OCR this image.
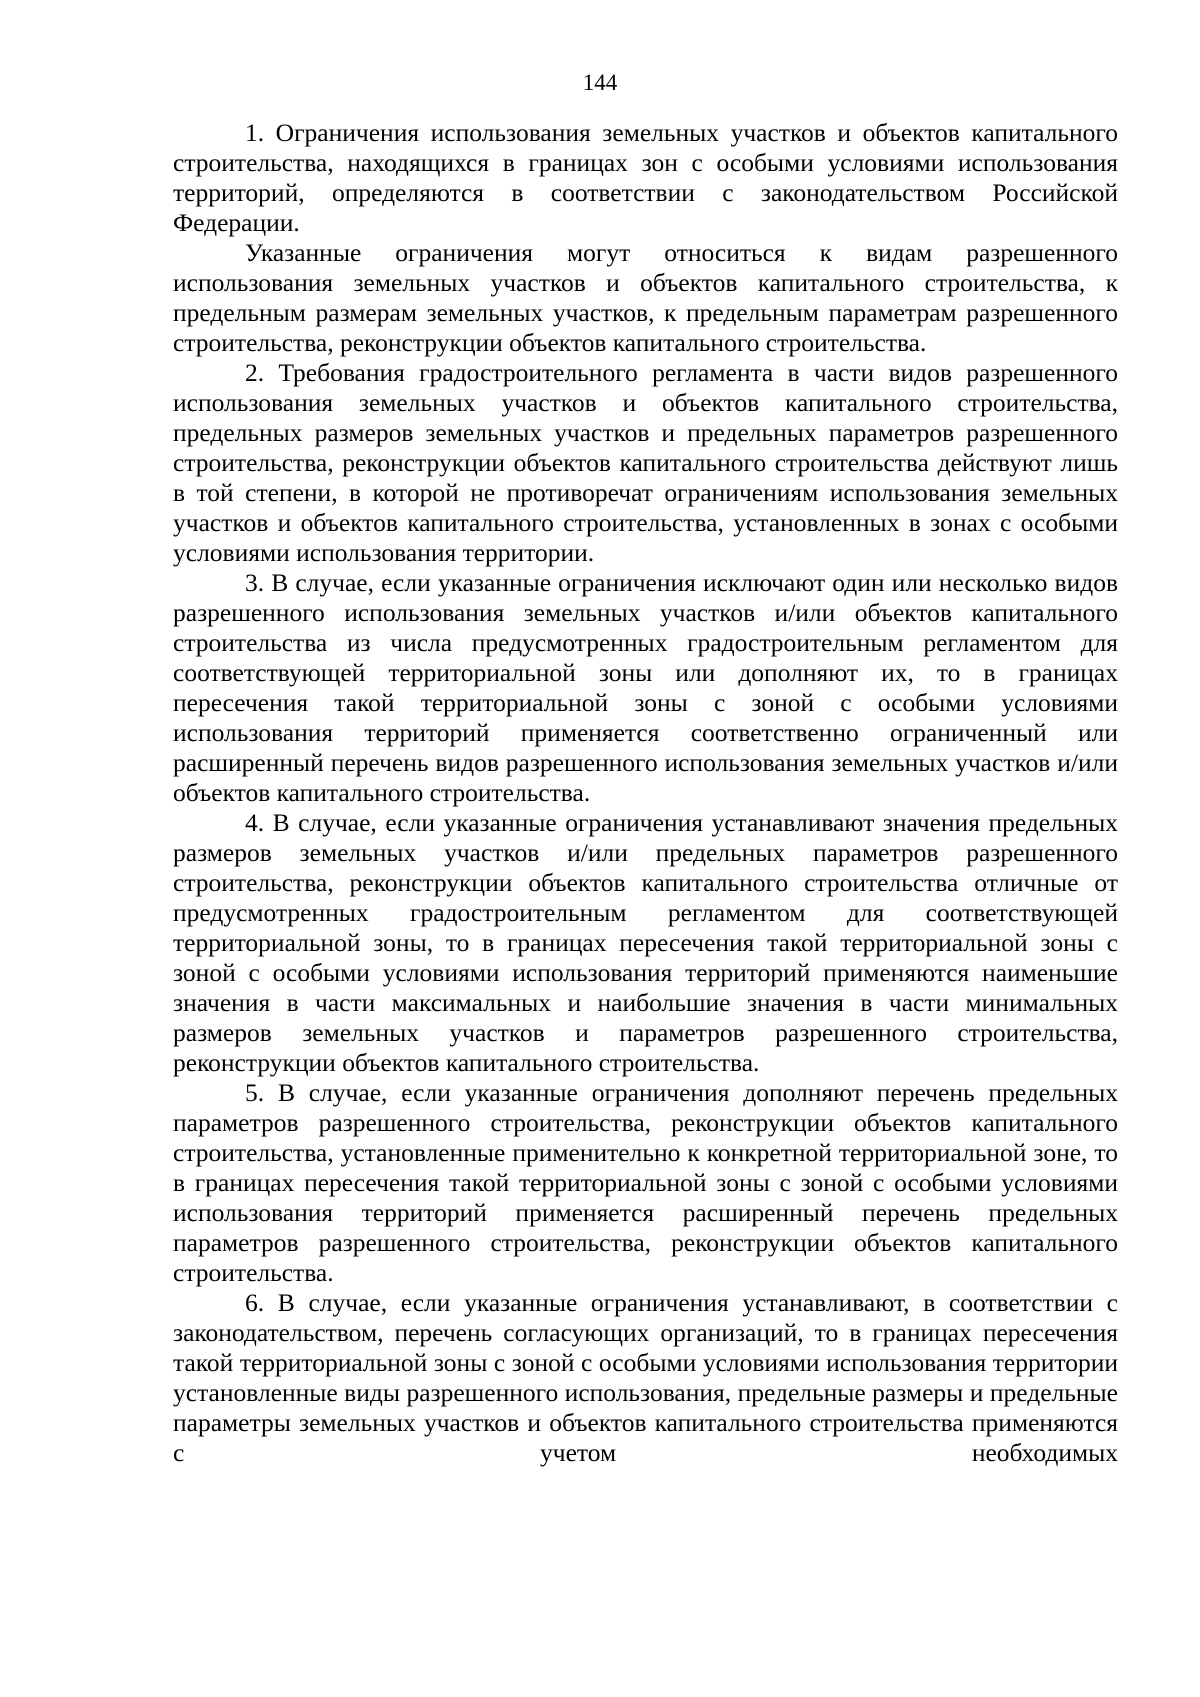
144

1. Ограничения использования земельных участков и объектов капитального строительства, находящихся в границах зон с особыми условиями использования территорий, определяются в соответствии с законодательством Российской Федерации.

Указанные ограничения могут относиться к видам разрешенного использования земельных участков и объектов капитального строительства, к предельным размерам земельных участков, к предельным параметрам разрешенного строительства, реконструкции объектов капитального строительства.

2. Требования градостроительного регламента в части видов разрешенного использования земельных участков и объектов капитального строительства, предельных размеров земельных участков и предельных параметров разрешенного строительства, реконструкции объектов капитального строительства действуют лишь в той степени, в которой не противоречат ограничениям использования земельных участков и объектов капитального строительства, установленных в зонах с особыми условиями использования территории.

3. В случае, если указанные ограничения исключают один или несколько видов разрешенного использования земельных участков и/или объектов капитального строительства из числа предусмотренных градостроительным регламентом для соответствующей территориальной зоны или дополняют их, то в границах пересечения такой территориальной зоны с зоной с особыми условиями использования территорий применяется соответственно ограниченный или расширенный перечень видов разрешенного использования земельных участков и/или объектов капитального строительства.

4. В случае, если указанные ограничения устанавливают значения предельных размеров земельных участков и/или предельных параметров разрешенного строительства, реконструкции объектов капитального строительства отличные от предусмотренных градостроительным регламентом для соответствующей территориальной зоны, то в границах пересечения такой территориальной зоны с зоной с особыми условиями использования территорий применяются наименьшие значения в части максимальных и наибольшие значения в части минимальных размеров земельных участков и параметров разрешенного строительства, реконструкции объектов капитального строительства.

5. В случае, если указанные ограничения дополняют перечень предельных параметров разрешенного строительства, реконструкции объектов капитального строительства, установленные применительно к конкретной территориальной зоне, то в границах пересечения такой территориальной зоны с зоной с особыми условиями использования территорий применяется расширенный перечень предельных параметров разрешенного строительства, реконструкции объектов капитального строительства.

6. В случае, если указанные ограничения устанавливают, в соответствии с законодательством, перечень согласующих организаций, то в границах пересечения такой территориальной зоны с зоной с особыми условиями использования территории установленные виды разрешенного использования, предельные размеры и предельные параметры земельных участков и объектов капитального строительства применяются с учетом необходимых
